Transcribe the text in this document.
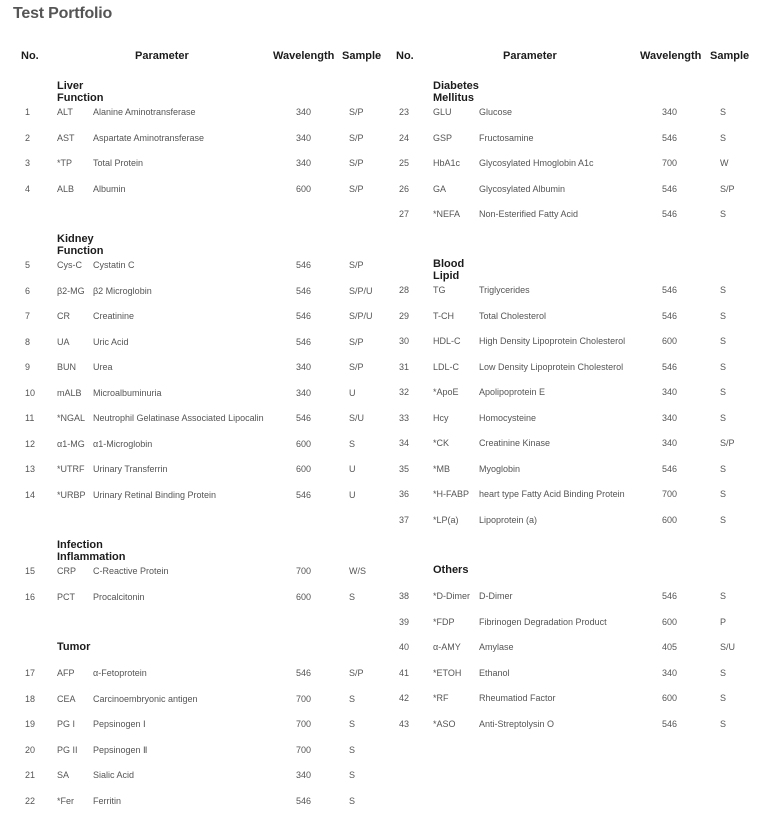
Test Portfolio
No.	Parameter	Wavelength Sample No.	Parameter	Wavelength Sample
Liver Function
1	ALT Alanine Aminotransferase	340	S/P
2	AST Aspartate Aminotransferase	340	S/P
3	*TP Total Protein	340	S/P
4	ALB Albumin	600	S/P
Kidney Function
5	Cys-C Cystatin C	546	S/P
6	β2-MG β2 Microglobin	546	S/P/U
7	CR	Creatinine	546	S/P/U
8	UA	Uric Acid	546	S/P
9	BUN Urea	340	S/P
10 mALB Microalbuminuria	340	U
11	*NGAL Neutrophil Gelatinase Associated Lipocalin	546	S/U
12 α1-MG α1-Microglobin	600	S
13 *UTRF Urinary Transferrin	600	U
14 *URBP Urinary Retinal Binding Protein	546	U
Infection Inflammation
15 CRP C-Reactive Protein	700	W/S
16 PCT Procalcitonin	600	S
Tumor
17 AFP α-Fetoprotein	546	S/P
18 CEA Carcinoembryonic antigen	700	S
19 PG I Pepsinogen Ⅰ	700	S
20 PG II Pepsinogen Ⅱ	700	S
21 SA	Sialic Acid	340	S
22 *Fer Ferritin	546	S
Diabetes Mellitus
23	GLU	Glucose	340	S
24	GSP	Fructosamine	546	S
25	HbA1c Glycosylated Hmoglobin A1c	700	W
26	GA	Glycosylated Albumin	546	S/P
27	*NEFA Non-Esterified Fatty Acid	546	S
Blood Lipid
28	TG	Triglycerides	546	S
29	T-CH	Total Cholesterol	546	S
30	HDL-C High Density Lipoprotein Cholesterol	600	S
31	LDL-C Low Density Lipoprotein Cholesterol	546	S
32	*ApoE Apolipoprotein E	340	S
33	Hcy	Homocysteine	340	S
34	*CK	Creatinine Kinase	340	S/P
35	*MB	Myoglobin	546	S
36	*H-FABP heart type Fatty Acid Binding Protein	700	S
37	*LP(a) Lipoprotein (a)	600	S
Others
38	*D-Dimer D-Dimer	546	S
39	*FDP	Fibrinogen Degradation Product	600	P
40	α-AMY Amylase	405	S/U
41	*ETOH Ethanol	340	S
42	*RF	Rheumatiod Factor	600	S
43	*ASO	Anti-Streptolysin O	546	S
